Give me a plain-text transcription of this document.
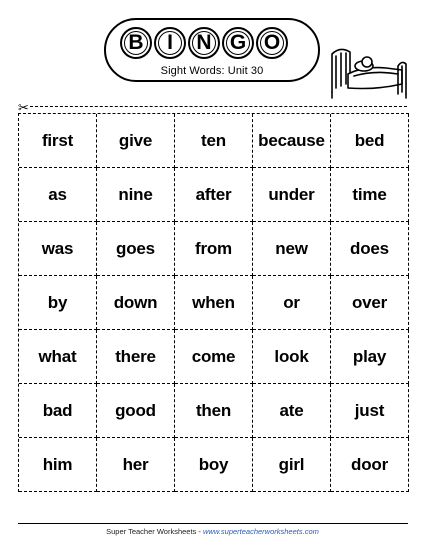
B	I	N G O
Sight Words: Unit 30
✂
first	give	ten	because	bed
as	nine	after	under	time
was	goes	from	new	does
by	down	when	or	over
what	there	come	look	play
bad	good	then	ate	just
him	her	boy	girl	door
Super Teacher Worksheets - www.superteacherworksheets.com
